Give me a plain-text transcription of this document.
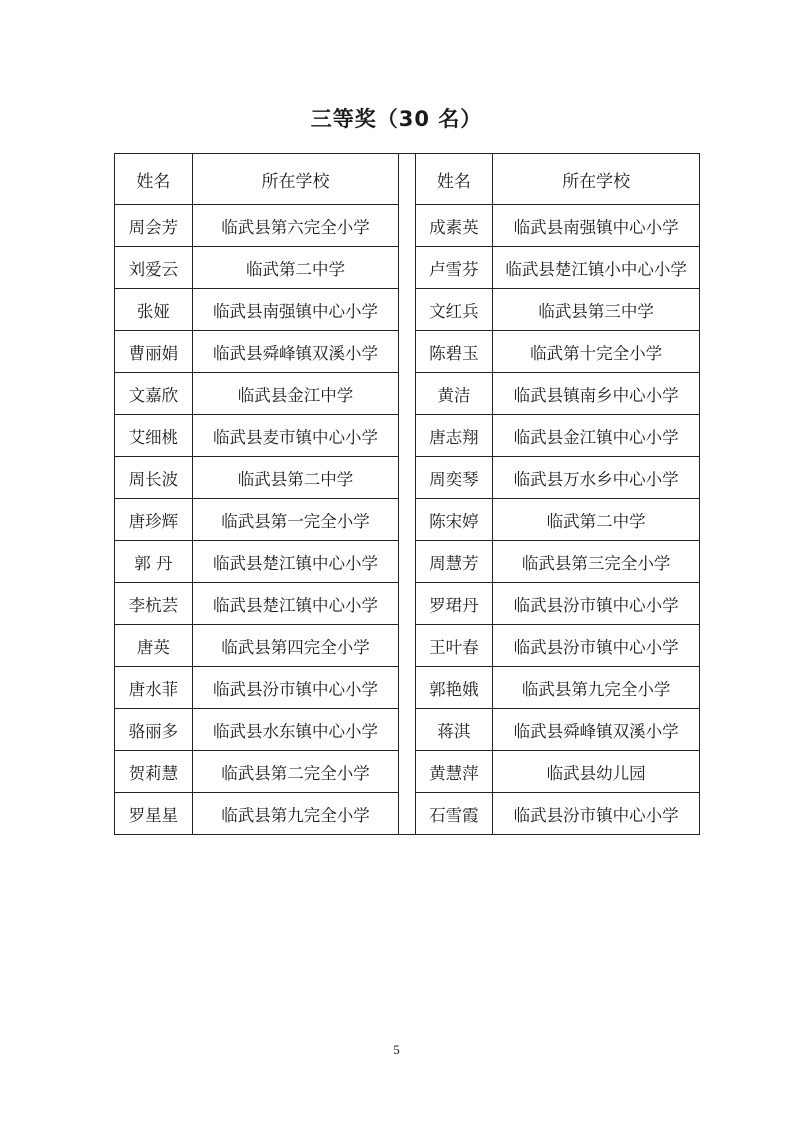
三等奖（30 名）
姓名	所在学校		姓名	所在学校
周会芳	临武县第六完全小学		成素英	临武县南强镇中心小学
刘爱云	临武第二中学		卢雪芬	临武县楚江镇小中心小学
张娅	临武县南强镇中心小学		文红兵	临武县第三中学
曹丽娟	临武县舜峰镇双溪小学		陈碧玉	临武第十完全小学
文嘉欣	临武县金江中学		黄洁	临武县镇南乡中心小学
艾细桃	临武县麦市镇中心小学		唐志翔	临武县金江镇中心小学
周长波	临武县第二中学		周奕琴	临武县万水乡中心小学
唐珍辉	临武县第一完全小学		陈宋婷	临武第二中学
郭 丹	临武县楚江镇中心小学		周慧芳	临武县第三完全小学
李杭芸	临武县楚江镇中心小学		罗珺丹	临武县汾市镇中心小学
唐英	临武县第四完全小学		王叶春	临武县汾市镇中心小学
唐水菲	临武县汾市镇中心小学		郭艳娥	临武县第九完全小学
骆丽多	临武县水东镇中心小学		蒋淇	临武县舜峰镇双溪小学
贺莉慧	临武县第二完全小学		黄慧萍	临武县幼儿园
罗星星	临武县第九完全小学		石雪霞	临武县汾市镇中心小学
5
